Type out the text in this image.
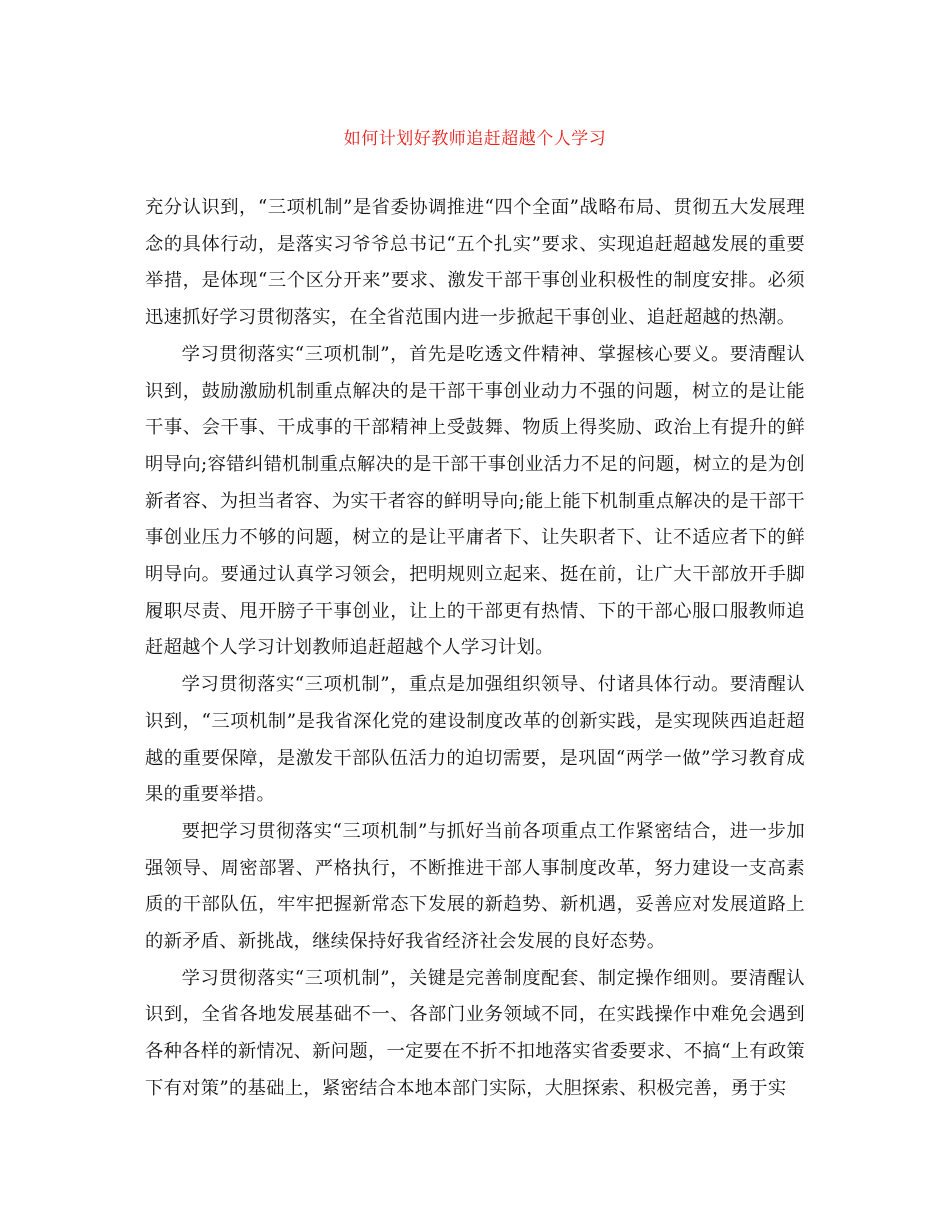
如何计划好教师追赶超越个人学习

充分认识到，“三项机制”是省委协调推进“四个全面”战略布局、贯彻五大发展理念的具体行动，是落实习爷爷总书记“五个扎实”要求、实现追赶超越发展的重要举措，是体现“三个区分开来”要求、激发干部干事创业积极性的制度安排。必须迅速抓好学习贯彻落实，在全省范围内进一步掀起干事创业、追赶超越的热潮。

学习贯彻落实“三项机制”，首先是吃透文件精神、掌握核心要义。要清醒认识到，鼓励激励机制重点解决的是干部干事创业动力不强的问题，树立的是让能干事、会干事、干成事的干部精神上受鼓舞、物质上得奖励、政治上有提升的鲜明导向;容错纠错机制重点解决的是干部干事创业活力不足的问题，树立的是为创新者容、为担当者容、为实干者容的鲜明导向;能上能下机制重点解决的是干部干事创业压力不够的问题，树立的是让平庸者下、让失职者下、让不适应者下的鲜明导向。要通过认真学习领会，把明规则立起来、挺在前，让广大干部放开手脚履职尽责、甩开膀子干事创业，让上的干部更有热情、下的干部心服口服教师追赶超越个人学习计划教师追赶超越个人学习计划。

学习贯彻落实“三项机制”，重点是加强组织领导、付诸具体行动。要清醒认识到，“三项机制”是我省深化党的建设制度改革的创新实践，是实现陕西追赶超越的重要保障，是激发干部队伍活力的迫切需要，是巩固“两学一做”学习教育成果的重要举措。

要把学习贯彻落实“三项机制”与抓好当前各项重点工作紧密结合，进一步加强领导、周密部署、严格执行，不断推进干部人事制度改革，努力建设一支高素质的干部队伍，牢牢把握新常态下发展的新趋势、新机遇，妥善应对发展道路上的新矛盾、新挑战，继续保持好我省经济社会发展的良好态势。

学习贯彻落实“三项机制”，关键是完善制度配套、制定操作细则。要清醒认识到，全省各地发展基础不一、各部门业务领域不同，在实践操作中难免会遇到各种各样的新情况、新问题，一定要在不折不扣地落实省委要求、不搞“上有政策下有对策”的基础上，紧密结合本地本部门实际，大胆探索、积极完善，勇于实
